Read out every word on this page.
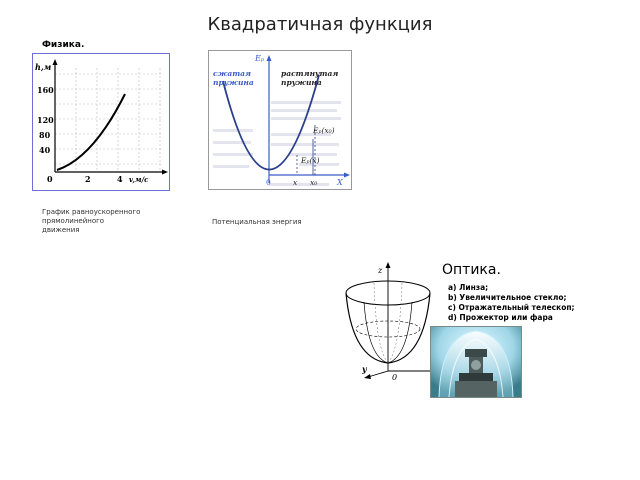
Квадратичная функция
Физика.
h,м
160
120
80
40
0	2	4 v,м/с
График равноускоренного
прямолинейного
движения
Eₚ
сжатая
пружина
растянутая
пружина
Eₚ(x₀)
Eₚ(x)
0	x x₀ X
Потенциальная энергия
z
y
0
Оптика.
a) Линза;
b) Увеличительное стекло;
c) Отражательный телескоп;
d) Прожектор или фара
